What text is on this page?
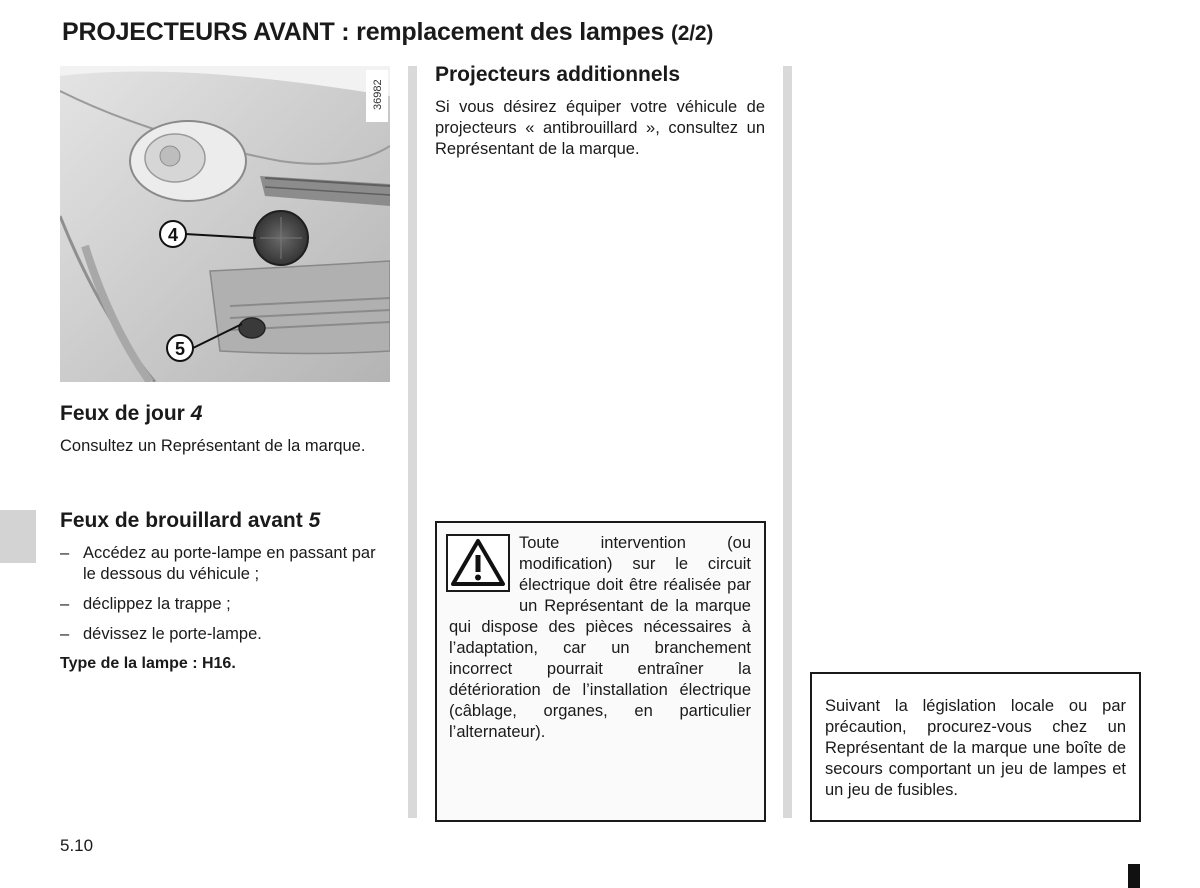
PROJECTEURS AVANT : remplacement des lampes (2/2)
36982
4
5
Feux de jour 4
Consultez un Représentant de la marque.
Feux de brouillard avant 5
– Accédez au porte-lampe en passant par le dessous du véhicule ;
– déclippez la trappe ;
– dévissez le porte-lampe.
Type de la lampe : H16.
Projecteurs additionnels
Si vous désirez équiper votre véhicule de projecteurs « antibrouillard », consultez un Représentant de la marque.
Toute intervention (ou modification) sur le circuit électrique doit être réalisée par un Représentant de la marque qui dispose des pièces nécessaires à l’adaptation, car un branchement incorrect pourrait entraîner la détérioration de l’installation électrique (câblage, organes, en particulier l’alternateur).
Suivant la législation locale ou par précaution, procurez-vous chez un Représentant de la marque une boîte de secours comportant un jeu de lampes et un jeu de fusibles.
5.10
